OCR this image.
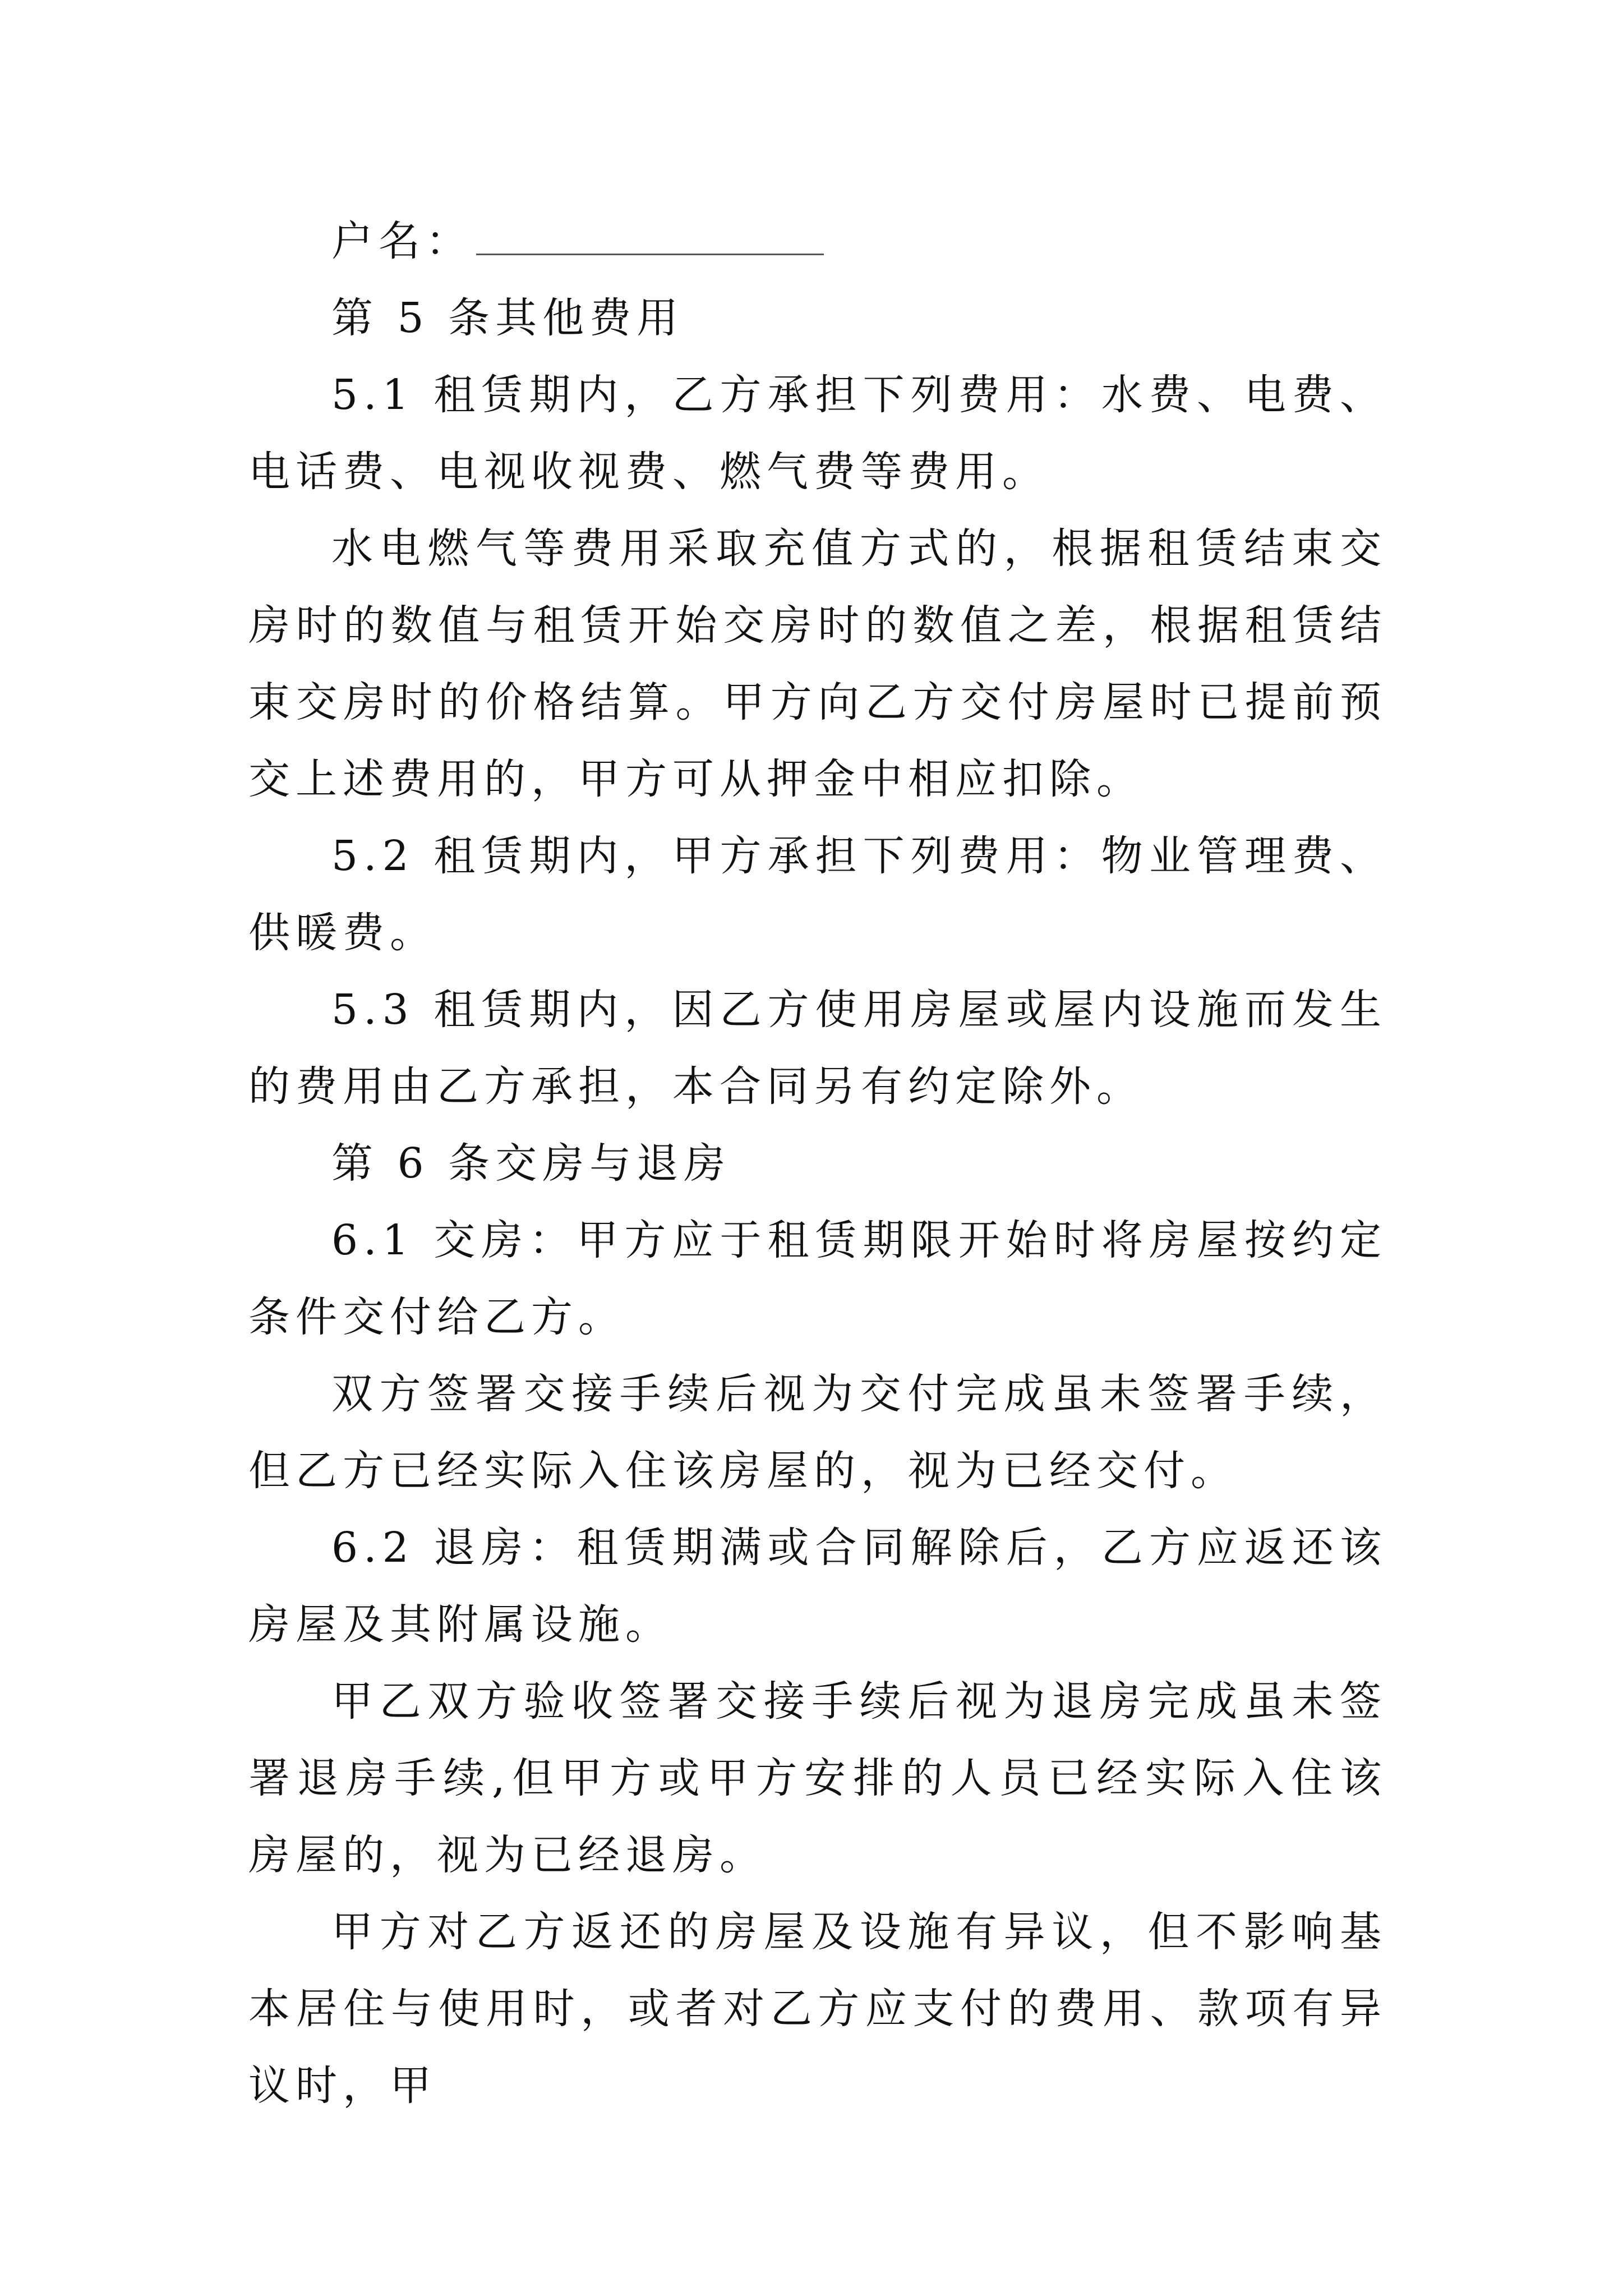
户名：

第 5 条其他费用

5.1 租赁期内，乙方承担下列费用：水费、电费、电话费、电视收视费、燃气费等费用。

水电燃气等费用采取充值方式的，根据租赁结束交房时的数值与租赁开始交房时的数值之差，根据租赁结束交房时的价格结算。甲方向乙方交付房屋时已提前预交上述费用的，甲方可从押金中相应扣除。

5.2 租赁期内，甲方承担下列费用：物业管理费、供暖费。

5.3 租赁期内，因乙方使用房屋或屋内设施而发生的费用由乙方承担，本合同另有约定除外。

第 6 条交房与退房

6.1 交房：甲方应于租赁期限开始时将房屋按约定条件交付给乙方。

双方签署交接手续后视为交付完成虽未签署手续，但乙方已经实际入住该房屋的，视为已经交付。

6.2 退房：租赁期满或合同解除后，乙方应返还该房屋及其附属设施。

甲乙双方验收签署交接手续后视为退房完成虽未签署退房手续,但甲方或甲方安排的人员已经实际入住该房屋的，视为已经退房。

甲方对乙方返还的房屋及设施有异议，但不影响基本居住与使用时，或者对乙方应支付的费用、款项有异议时，甲
